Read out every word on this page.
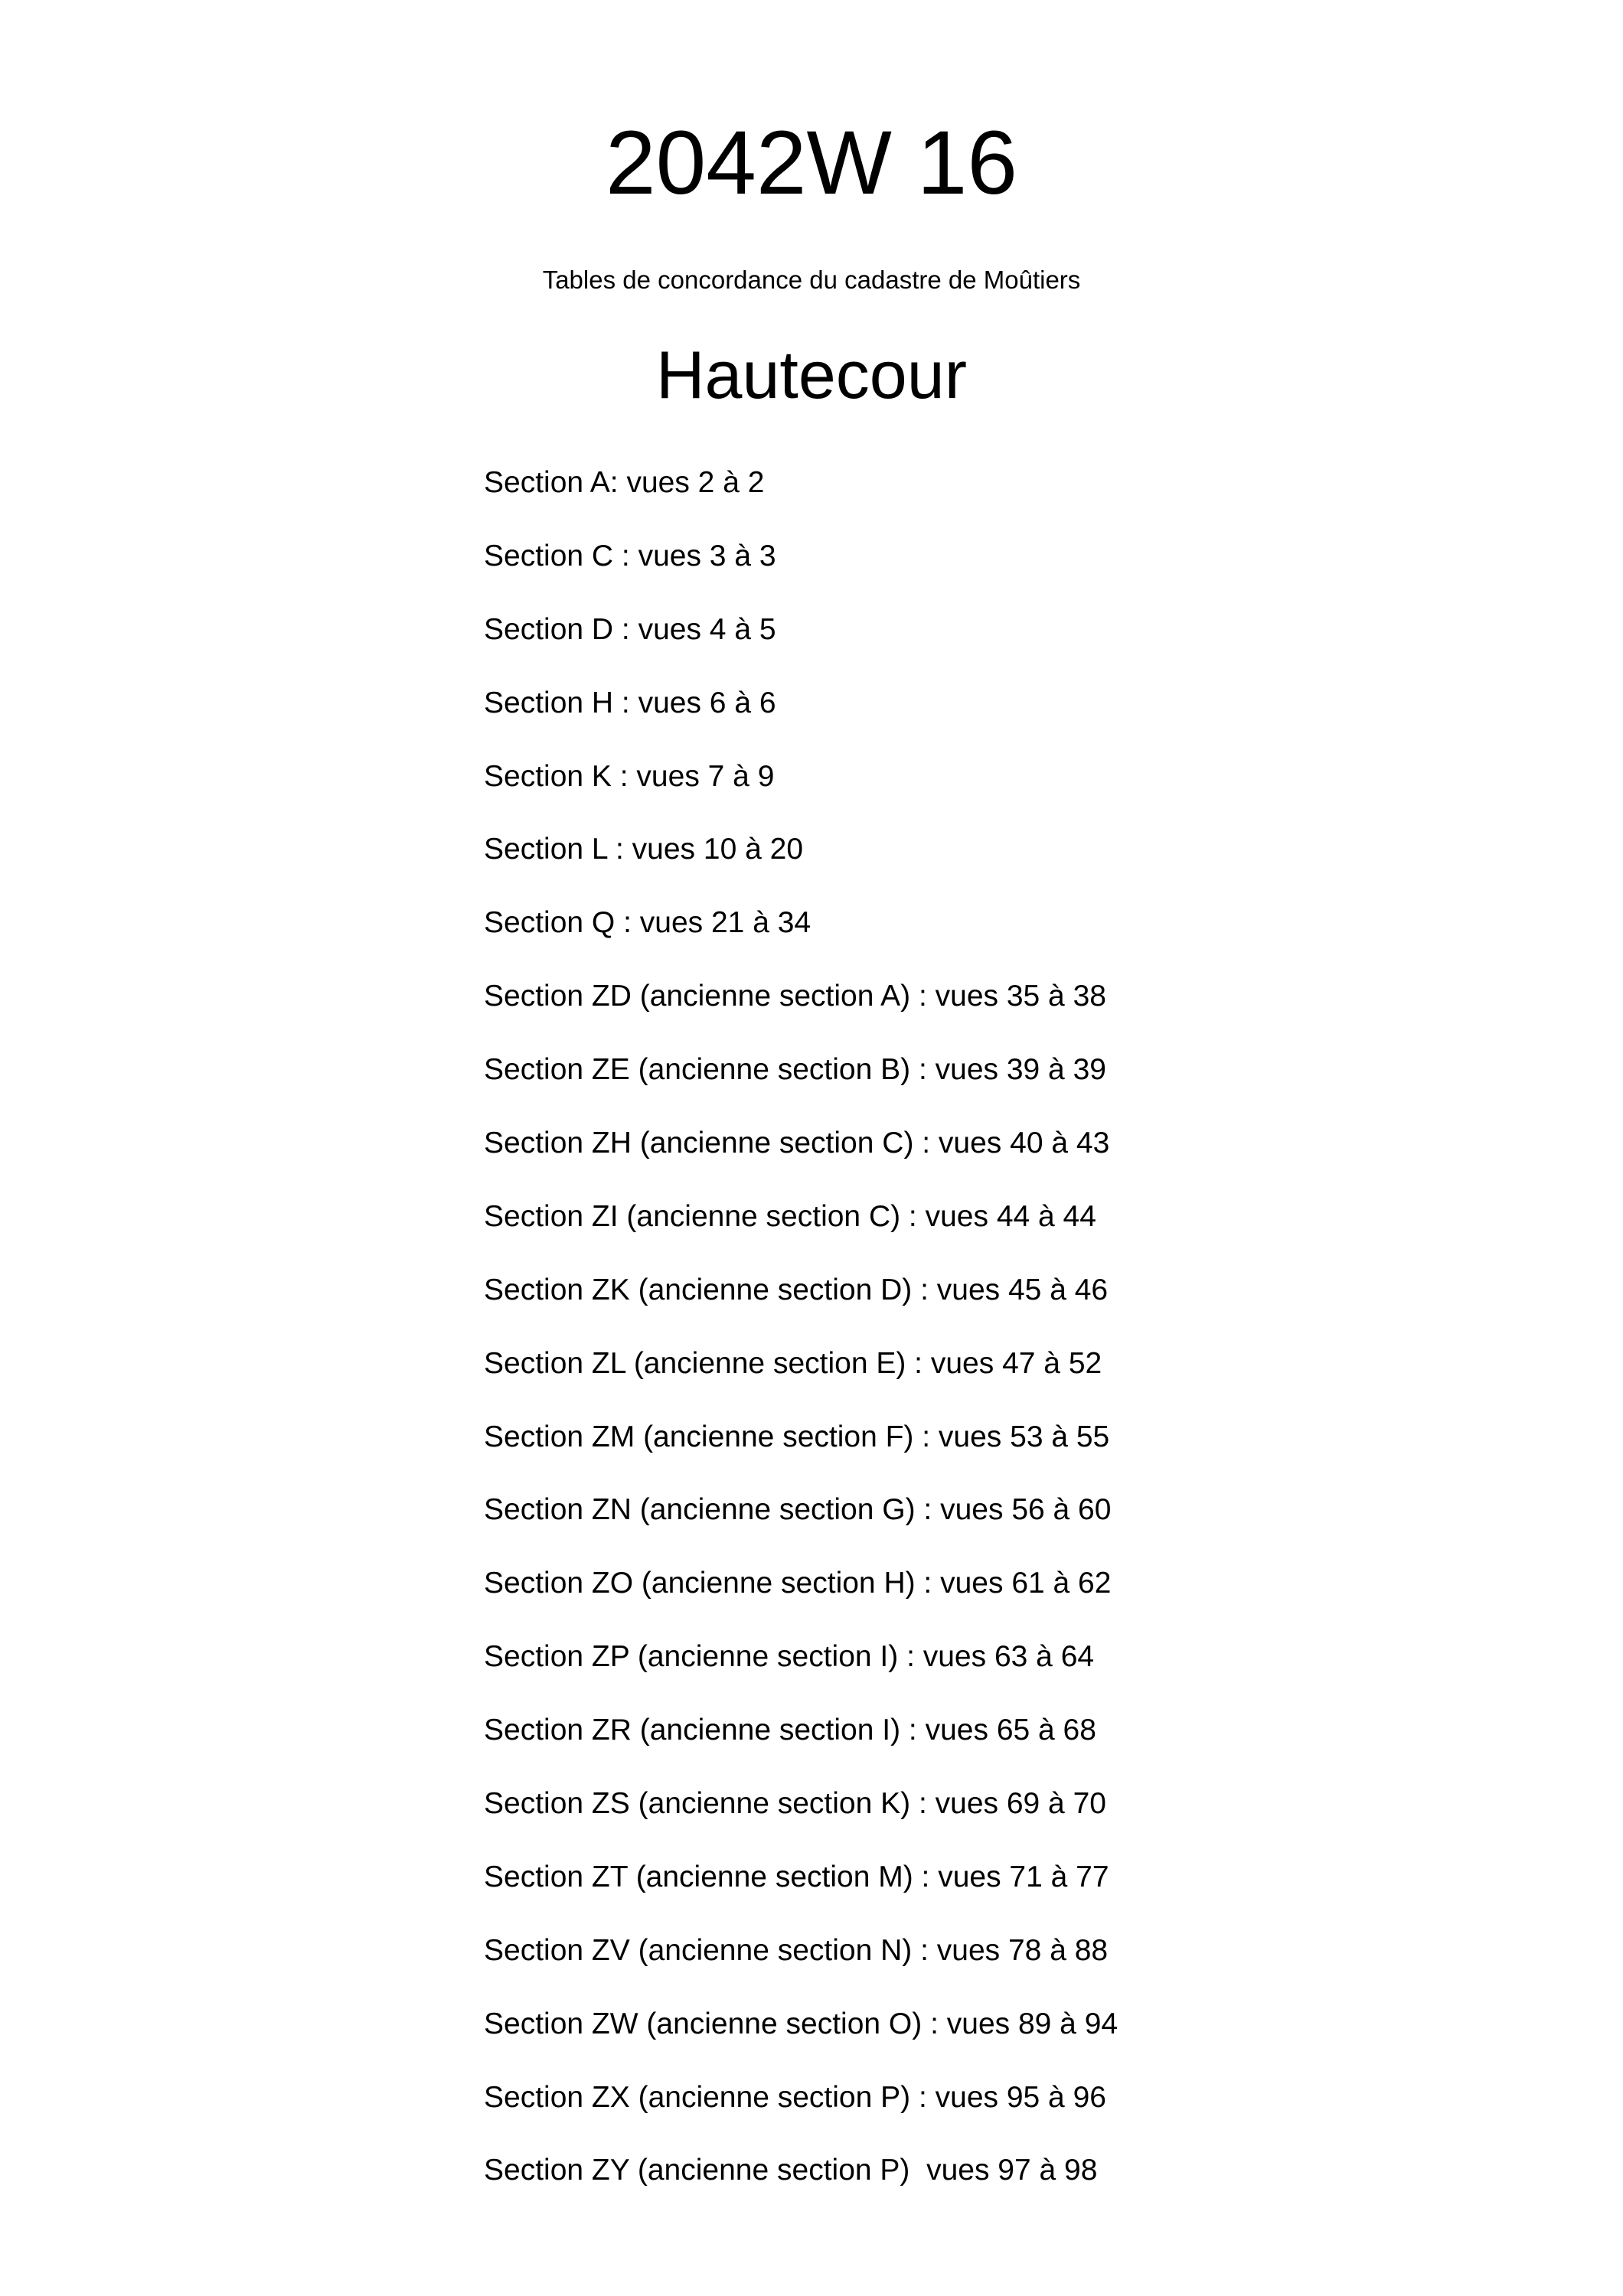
2042W 16

Tables de concordance du cadastre de Moûtiers

Hautecour
Section A: vues 2 à 2
Section C : vues 3 à 3
Section D : vues 4 à 5
Section H : vues 6 à 6
Section K : vues 7 à 9
Section L : vues 10 à 20
Section Q : vues 21 à 34
Section ZD (ancienne section A) : vues 35 à 38
Section ZE (ancienne section B) : vues 39 à 39
Section ZH (ancienne section C) : vues 40 à 43
Section ZI (ancienne section C) : vues 44 à 44
Section ZK (ancienne section D) : vues 45 à 46
Section ZL (ancienne section E) : vues 47 à 52
Section ZM (ancienne section F) : vues 53 à 55
Section ZN (ancienne section G) : vues 56 à 60
Section ZO (ancienne section H) : vues 61 à 62
Section ZP (ancienne section I) : vues 63 à 64
Section ZR (ancienne section I) : vues 65 à 68
Section ZS (ancienne section K) : vues 69 à 70
Section ZT (ancienne section M) : vues 71 à 77
Section ZV (ancienne section N) : vues 78 à 88
Section ZW (ancienne section O) : vues 89 à 94
Section ZX (ancienne section P) : vues 95 à 96
Section ZY (ancienne section P)  vues 97 à 98
